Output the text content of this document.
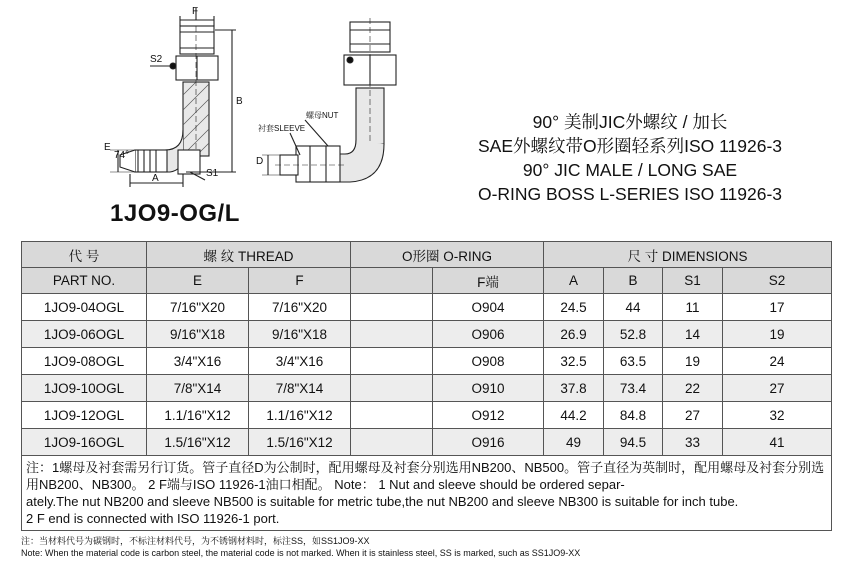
F
S2
B
E
74°
A	S1
D
螺母NUT
衬套SLEEVE
1JO9-OG/L
90° 美制JIC外螺纹 / 加长
SAE外螺纹带O形圈轻系列ISO 11926-3
90° JIC MALE / LONG SAE
O-RING BOSS L-SERIES ISO 11926-3
代 号	螺 纹 THREAD		O形圈 O-RING		尺 寸 DIMENSIONS			
PART NO.	E	F		F端	A	B	S1	S2
1JO9-04OGL	7/16"X20	7/16"X20		O904	24.5	44	11	17
1JO9-06OGL	9/16"X18	9/16"X18		O906	26.9	52.8	14	19
1JO9-08OGL	3/4"X16	3/4"X16		O908	32.5	63.5	19	24
1JO9-10OGL	7/8"X14	7/8"X14		O910	37.8	73.4	22	27
1JO9-12OGL	1.1/16"X12	1.1/16"X12		O912	44.2	84.8	27	32
1JO9-16OGL	1.5/16"X12	1.5/16"X12		O916	49	94.5	33	41

注：1螺母及衬套需另行订货。管子直径D为公制时，配用螺母及衬套分别选用NB200、NB500。管子直径为英制时，配用螺母及衬套分别选用NB200、NB300。 2 F端与ISO 11926-1油口相配。 Note： 1 Nut and sleeve should be ordered separ-
ately.The nut NB200 and sleeve NB500 is suitable for metric tube,the nut NB200 and sleeve NB300 is suitable for inch tube.
2 F end is connected with ISO 11926-1 port.								
注：当材料代号为碳钢时，不标注材料代号，为不锈钢材料时，标注SS，如SS1JO9-XX
Note: When the material code is carbon steel, the material code is not marked. When it is stainless steel, SS is marked, such as SS1JO9-XX
